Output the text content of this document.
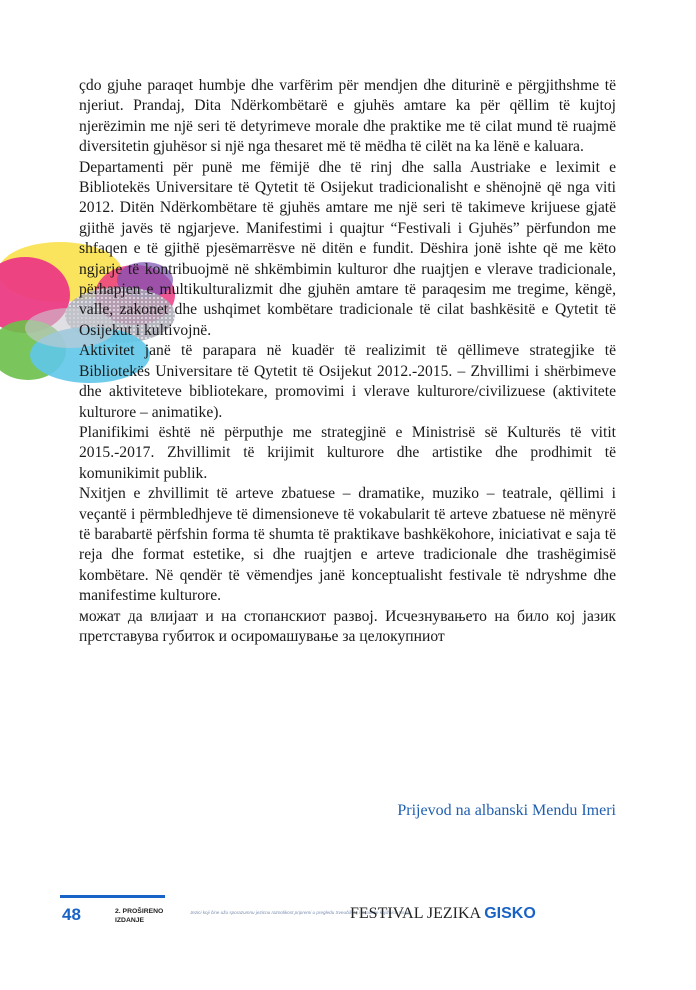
çdo gjuhe paraqet humbje dhe varfërim për mendjen dhe diturinë e përgjithshme të njeriut. Prandaj, Dita Ndërkombëtarë e gjuhës amtare ka për qëllim të kujtoj njerëzimin me një seri të detyrimeve morale dhe praktike me të cilat mund të ruajmë diversitetin gjuhësor si një nga thesaret më të mëdha të cilët na ka lënë e kaluara.

Departamenti për punë me fëmijë dhe të rinj dhe salla Austriake e leximit e Bibliotekës Universitare të Qytetit të Osijekut tradicionalisht e shënojnë që nga viti 2012. Ditën Ndërkombëtare të gjuhës amtare me një seri të takimeve krijuese gjatë gjithë javës të ngjarjeve. Manifestimi i quajtur “Festivali i Gjuhës” përfundon me shfaqen e të gjithë pjesëmarrësve në ditën e fundit. Dëshira jonë ishte që me këto ngjarje të kontribuojmë në shkëmbimin kulturor dhe ruajtjen e vlerave tradicionale, përhapjen e multikulturalizmit dhe gjuhën amtare të paraqesim me tregime, këngë, valle, zakonet dhe ushqimet kombëtare tradicionale të cilat bashkësitë e Qytetit të Osijekut i kultivojnë.

Aktivitet janë të parapara në kuadër të realizimit të qëllimeve strategjike të Bibliotekës Universitare të Qytetit të Osijekut 2012.-2015. – Zhvillimi i shërbimeve dhe aktiviteteve bibliotekare, promovimi i vlerave kulturore/civilizuese (aktivitete kulturore – animatike).

Planifikimi është në përputhje me strategjinë e Ministrisë së Kulturës të vitit 2015.-2017. Zhvillimit të krijimit kulturore dhe artistike dhe prodhimit të komunikimit publik.

Nxitjen e zhvillimit të arteve zbatuese – dramatike, muziko – teatrale, qëllimi i veçantë i përmbledhjeve të dimensioneve të vokabularit të arteve zbatuese në mënyrë të barabartë përfshin forma të shumta të praktikave bashkëkohore, iniciativat e saja të reja dhe format estetike, si dhe ruajtjen e arteve tradicionale dhe trashëgimisë kombëtare. Në qendër të vëmendjes janë konceptualisht festivale të ndryshme dhe manifestime kulturore.

можат да влијаат и на стопанскиот развој. Исчезнувањето на било кој јазик претставува губиток и осиромашување за целокупниот

Prijevod na albanski Mendu Imeri
48	2. PROŠIRENO IZDANJE
Jezici koji čine užu sporazumnu jezicnu raznolikost pripremi u pregledu Sveučilišta i Gradske knjižnice Osijek
FESTIVAL JEZIKA GISKO
